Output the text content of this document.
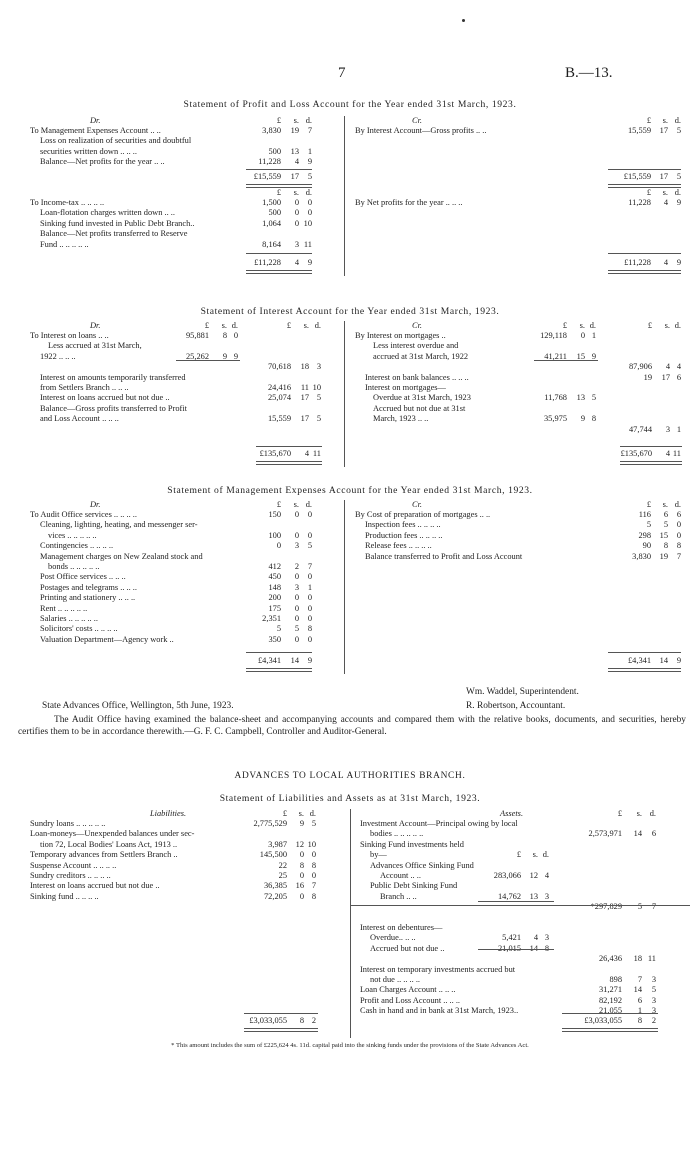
7	B.—13.
Statement of Profit and Loss Account for the Year ended 31st March, 1923.
Dr.	Cr.
£	s. d.	£	s. d.
To Management Expenses Account .. ..	3,830	19	7
Loss on realization of securities and doubtful
securities written down .. .. ..	500	13	1
Balance—Net profits for the year .. ..	11,228	4	9
By Interest Account—Gross profits .. ..	15,559	17	5
£15,559	17	5	£15,559	17	5
£	s. d.	£	s. d.
To Income-tax .. .. .. ..	1,500	0	0
Loan-flotation charges written down .. ..	500	0	0
Sinking fund invested in Public Debt Branch..	1,064	0 10
Balance—Net profits transferred to Reserve
Fund .. .. .. .. ..	8,164	3 11
By Net profits for the year .. .. ..	11,228	4	9
£11,228	4	9	£11,228	4	9
Statement of Interest Account for the Year ended 31st March, 1923.
Dr.	Cr.
£	s. d.	£	s. d.	£	s. d.	£	s. d.
To Interest on loans .. ..	95,881	8 0
Less accrued at 31st March,
1922 .. .. ..	25,262	9 9
70,618	18 3
Interest on amounts temporarily transferred
from Settlers Branch .. .. ..	24,416	11 10
Interest on loans accrued but not due ..	25,074	17 5
Balance—Gross profits transferred to Profit
and Loss Account .. .. ..	15,559	17 5
By Interest on mortgages ..	129,118	0 1
Less interest overdue and
accrued at 31st March, 1922	41,211	15 9
87,906	4 4
Interest on bank balances .. .. ..	19	17 6
Interest on mortgages—
Overdue at 31st March, 1923	11,768	13 5
Accrued but not due at 31st
March, 1923 .. ..	35,975	9 8
47,744	3 1
£135,670	4 11	£135,670	4 11
Statement of Management Expenses Account for the Year ended 31st March, 1923.
Dr.	Cr.
£	s. d.	£	s. d.
To Audit Office services .. .. .. ..	150	0	0
Cleaning, lighting, heating, and messenger ser-
vices .. .. .. .. ..	100	0	0
Contingencies .. .. .. ..	0	3	5
Management charges on New Zealand stock and
bonds .. .. .. .. ..	412	2	7
Post Office services .. .. ..	450	0	0
Postages and telegrams .. .. ..	148	3	1
Printing and stationery .. .. ..	200	0	0
Rent .. .. .. .. ..	175	0	0
Salaries .. .. .. .. ..	2,351	0	0
Solicitors' costs .. .. .. ..	5	5	8
Valuation Department—Agency work ..	350	0	0
By Cost of preparation of mortgages .. ..	116	6	6
Inspection fees .. .. .. ..	5	5	0
Production fees .. .. .. ..	298	15	0
Release fees .. .. .. ..	90	8	8
Balance transferred to Profit and Loss Account	3,830	19	7
£4,341	14	9	£4,341	14	9
Wm. Waddel, Superintendent.
State Advances Office, Wellington, 5th June, 1923.	R. Robertson, Accountant.
The Audit Office having examined the balance-sheet and accompanying accounts and compared them with the relative books, documents, and securities, hereby certifies them to be in accordance therewith.—G. F. C. Campbell, Controller and Auditor-General.
ADVANCES TO LOCAL AUTHORITIES BRANCH.
Statement of Liabilities and Assets as at 31st March, 1923.
Liabilities.	Assets.
£	s. d.	£	s. d.
Sundry loans .. .. .. .. ..	2,775,529	9 5
Loan-moneys—Unexpended balances under sec-
tion 72, Local Bodies' Loans Act, 1913 ..	3,987	12 10
Temporary advances from Settlers Branch ..	145,500	0 0
Suspense Account .. .. .. ..	22	8 8
Sundry creditors .. .. .. ..	25	0 0
Interest on loans accrued but not due ..	36,385	16 7
Sinking fund .. .. .. ..	72,205	0 8
Investment Account—Principal owing by local
bodies .. .. .. .. ..	2,573,971	14	6
Sinking Fund investments held
by—	£	s. d.
Advances Office Sinking Fund
Account .. ..	283,066	12 4
Public Debt Sinking Fund
Branch .. ..	14,762	13 3
*297,829	5	7
Interest on debentures—
Overdue.. .. ..	5,421	4 3
Accrued but not due ..	21,015	14 8
26,436	18 11
Interest on temporary investments accrued but
not due .. .. .. ..	898	7	3
Loan Charges Account .. .. ..	31,271	14	5
Profit and Loss Account .. .. ..	82,192	6	3
Cash in hand and in bank at 31st March, 1923..	21,055	1	3
£3,033,055	8 2	£3,033,055	8	2
* This amount includes the sum of £225,624 4s. 11d. capital paid into the sinking funds under the provisions of the State Advances Act.
